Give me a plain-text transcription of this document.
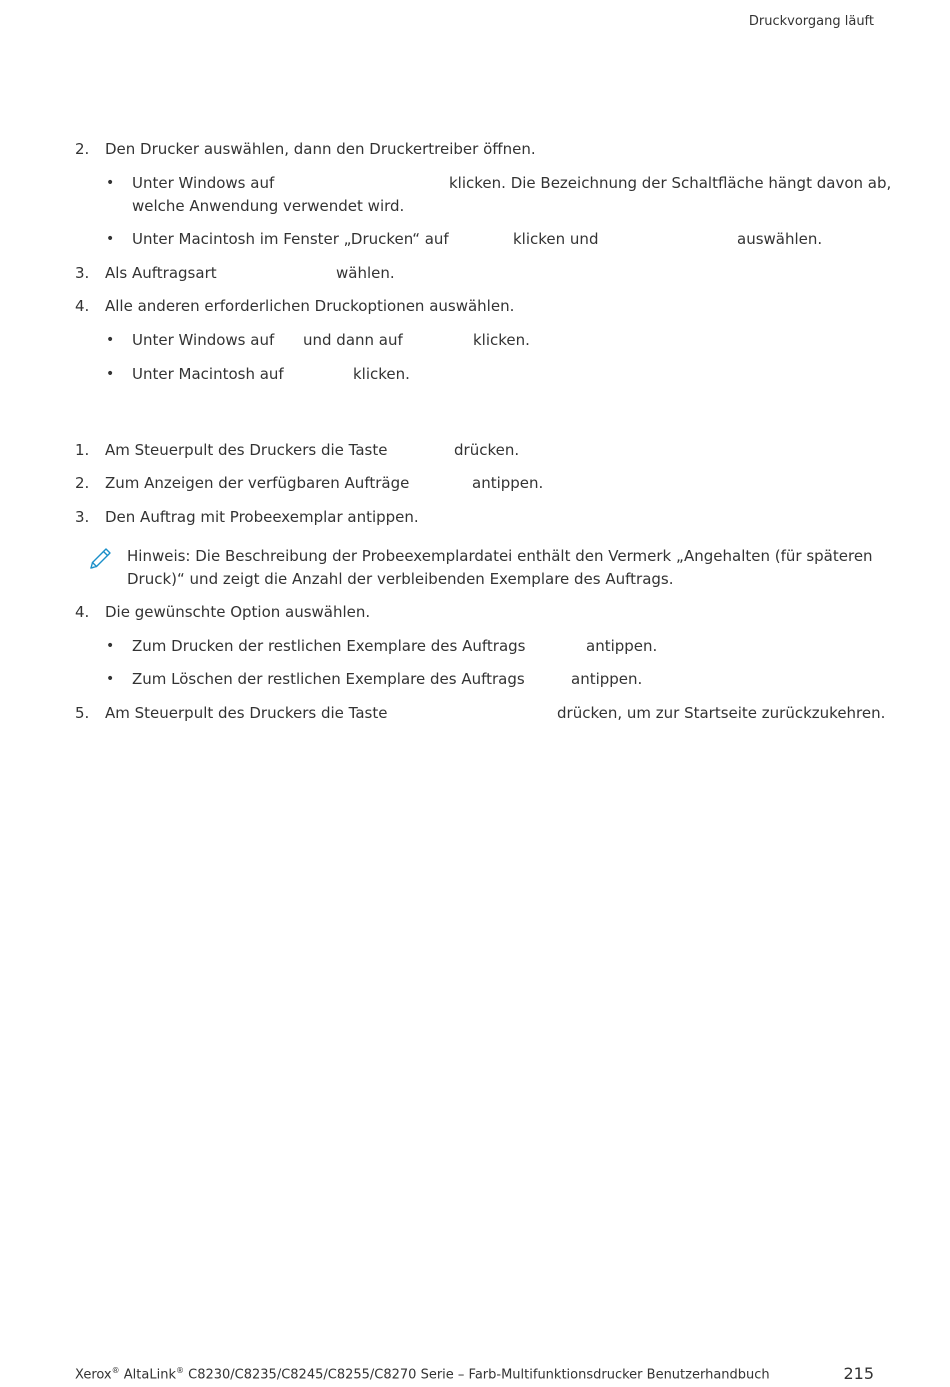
Druckvorgang läuft
2. Den Drucker auswählen, dann den Druckertreiber öffnen.
• Unter Windows auf	klicken. Die Bezeichnung der Schaltfläche hängt davon ab,
welche Anwendung verwendet wird.
• Unter Macintosh im Fenster „Drucken“ auf	klicken und	auswählen.
3. Als Auftragsart	wählen.
4. Alle anderen erforderlichen Druckoptionen auswählen.
• Unter Windows auf und dann auf	klicken.
• Unter Macintosh auf	klicken.
1. Am Steuerpult des Druckers die Taste	drücken.
2. Zum Anzeigen der verfügbaren Aufträge	antippen.
3. Den Auftrag mit Probeexemplar antippen.
Hinweis: Die Beschreibung der Probeexemplardatei enthält den Vermerk „Angehalten (für späteren
Druck)“ und zeigt die Anzahl der verbleibenden Exemplare des Auftrags.
4. Die gewünschte Option auswählen.
• Zum Drucken der restlichen Exemplare des Auftrags	antippen.
• Zum Löschen der restlichen Exemplare des Auftrags	antippen.
5. Am Steuerpult des Druckers die Taste	drücken, um zur Startseite zurückzukehren.
Xerox® AltaLink® C8230/C8235/C8245/C8255/C8270 Serie – Farb-Multifunktionsdrucker Benutzerhandbuch	215
